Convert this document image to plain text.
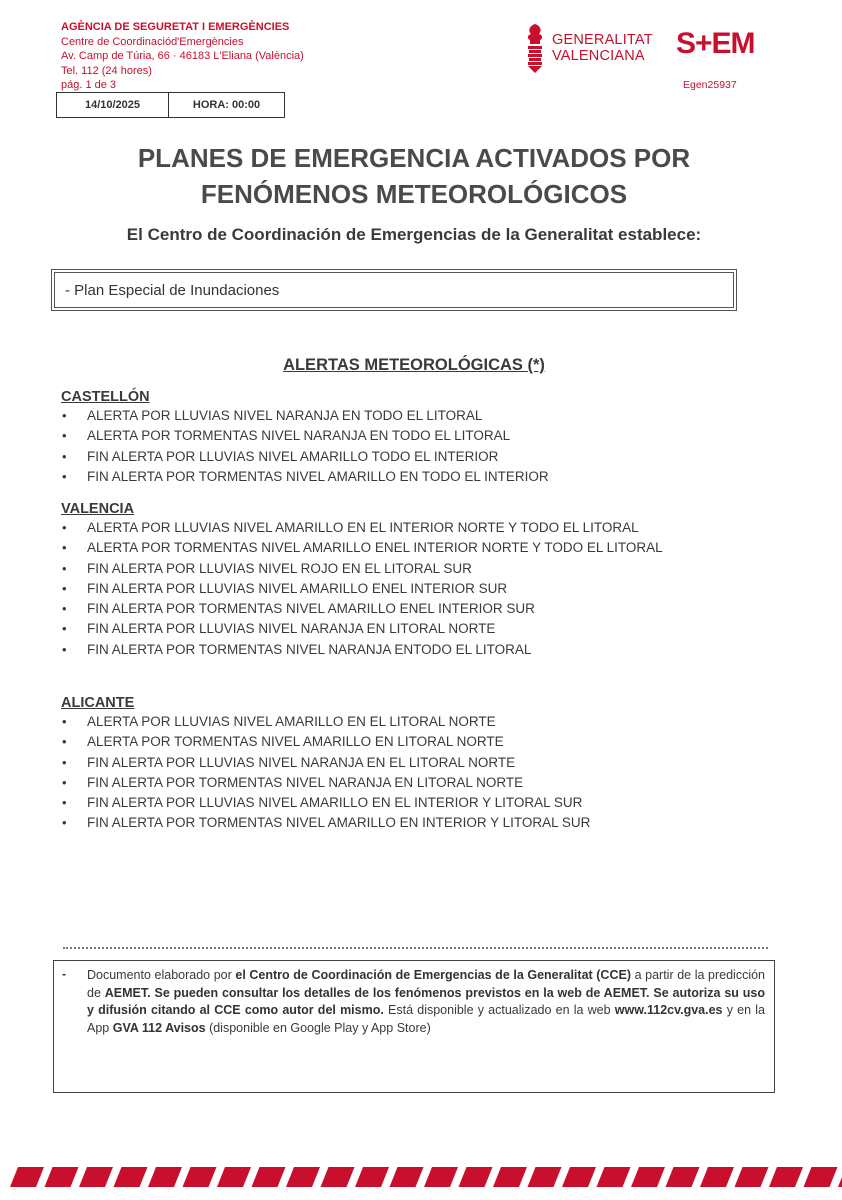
AGÈNCIA DE SEGURETAT I EMERGÈNCIES
Centre de Coordinaciód'Emergències
Av. Camp de Túria, 66 · 46183 L'Eliana (València)
Tel. 112 (24 hores)
pág. 1 de 3
14/10/2025	HORA: 00:00
GENERALITAT
VALENCIANA S+EM
Egen25937
PLANES DE EMERGENCIA ACTIVADOS POR
FENÓMENOS METEOROLÓGICOS
El Centro de Coordinación de Emergencias de la Generalitat establece:
- Plan Especial de Inundaciones
ALERTAS METEOROLÓGICAS (*)
CASTELLÓN
• ALERTA POR LLUVIAS NIVEL NARANJA EN TODO EL LITORAL
• ALERTA POR TORMENTAS NIVEL NARANJA EN TODO EL LITORAL
• FIN ALERTA POR LLUVIAS NIVEL AMARILLO TODO EL INTERIOR
• FIN ALERTA POR TORMENTAS NIVEL AMARILLO EN TODO EL INTERIOR
VALENCIA
• ALERTA POR LLUVIAS NIVEL AMARILLO EN EL INTERIOR NORTE Y TODO EL LITORAL
• ALERTA POR TORMENTAS NIVEL AMARILLO ENEL INTERIOR NORTE Y TODO EL LITORAL
• FIN ALERTA POR LLUVIAS NIVEL ROJO EN EL LITORAL SUR
• FIN ALERTA POR LLUVIAS NIVEL AMARILLO ENEL INTERIOR SUR
• FIN ALERTA POR TORMENTAS NIVEL AMARILLO ENEL INTERIOR SUR
• FIN ALERTA POR LLUVIAS NIVEL NARANJA EN LITORAL NORTE
• FIN ALERTA POR TORMENTAS NIVEL NARANJA ENTODO EL LITORAL
ALICANTE
• ALERTA POR LLUVIAS NIVEL AMARILLO EN EL LITORAL NORTE
• ALERTA POR TORMENTAS NIVEL AMARILLO EN LITORAL NORTE
• FIN ALERTA POR LLUVIAS NIVEL NARANJA EN EL LITORAL NORTE
• FIN ALERTA POR TORMENTAS NIVEL NARANJA EN LITORAL NORTE
• FIN ALERTA POR LLUVIAS NIVEL AMARILLO EN EL INTERIOR Y LITORAL SUR
• FIN ALERTA POR TORMENTAS NIVEL AMARILLO EN INTERIOR Y LITORAL SUR
-	Documento elaborado por el Centro de Coordinación de Emergencias de la Generalitat (CCE) a partir de la predicción de AEMET. Se pueden consultar los detalles de los fenómenos previstos en la web de AEMET. Se autoriza su uso y difusión citando al CCE como autor del mismo. Está disponible y actualizado en la web www.112cv.gva.es y en la App GVA 112 Avisos (disponible en Google Play y App Store)
